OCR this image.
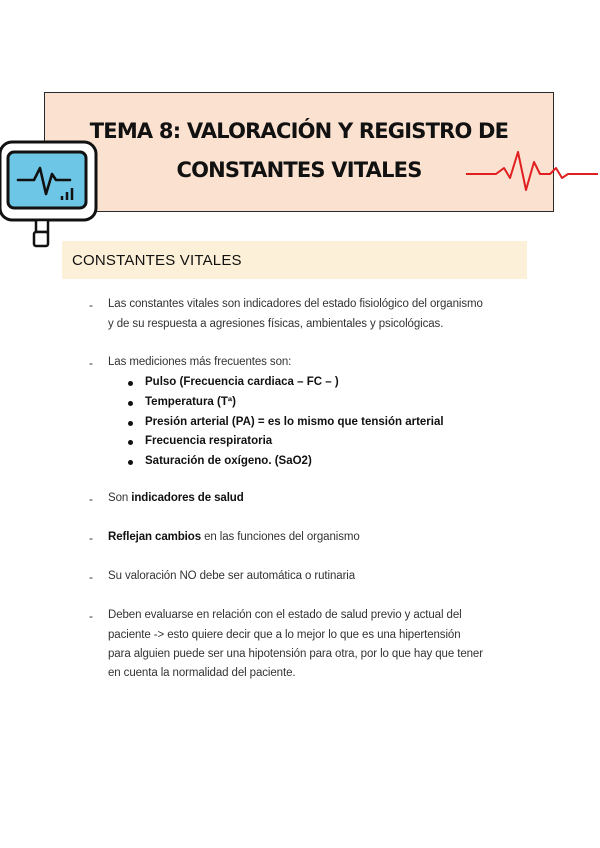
TEMA 8: VALORACIÓN Y REGISTRO DE
CONSTANTES VITALES
CONSTANTES VITALES
- Las constantes vitales son indicadores del estado fisiológico del organismo
y de su respuesta a agresiones físicas, ambientales y psicológicas.
- Las mediciones más frecuentes son:
Pulso (Frecuencia cardiaca – FC – )
Temperatura (Tª)
Presión arterial (PA) = es lo mismo que tensión arterial
Frecuencia respiratoria
Saturación de oxígeno. (SaO2)
- Son indicadores de salud
- Reflejan cambios en las funciones del organismo
- Su valoración NO debe ser automática o rutinaria
- Deben evaluarse en relación con el estado de salud previo y actual del
paciente -> esto quiere decir que a lo mejor lo que es una hipertensión
para alguien puede ser una hipotensión para otra, por lo que hay que tener
en cuenta la normalidad del paciente.
